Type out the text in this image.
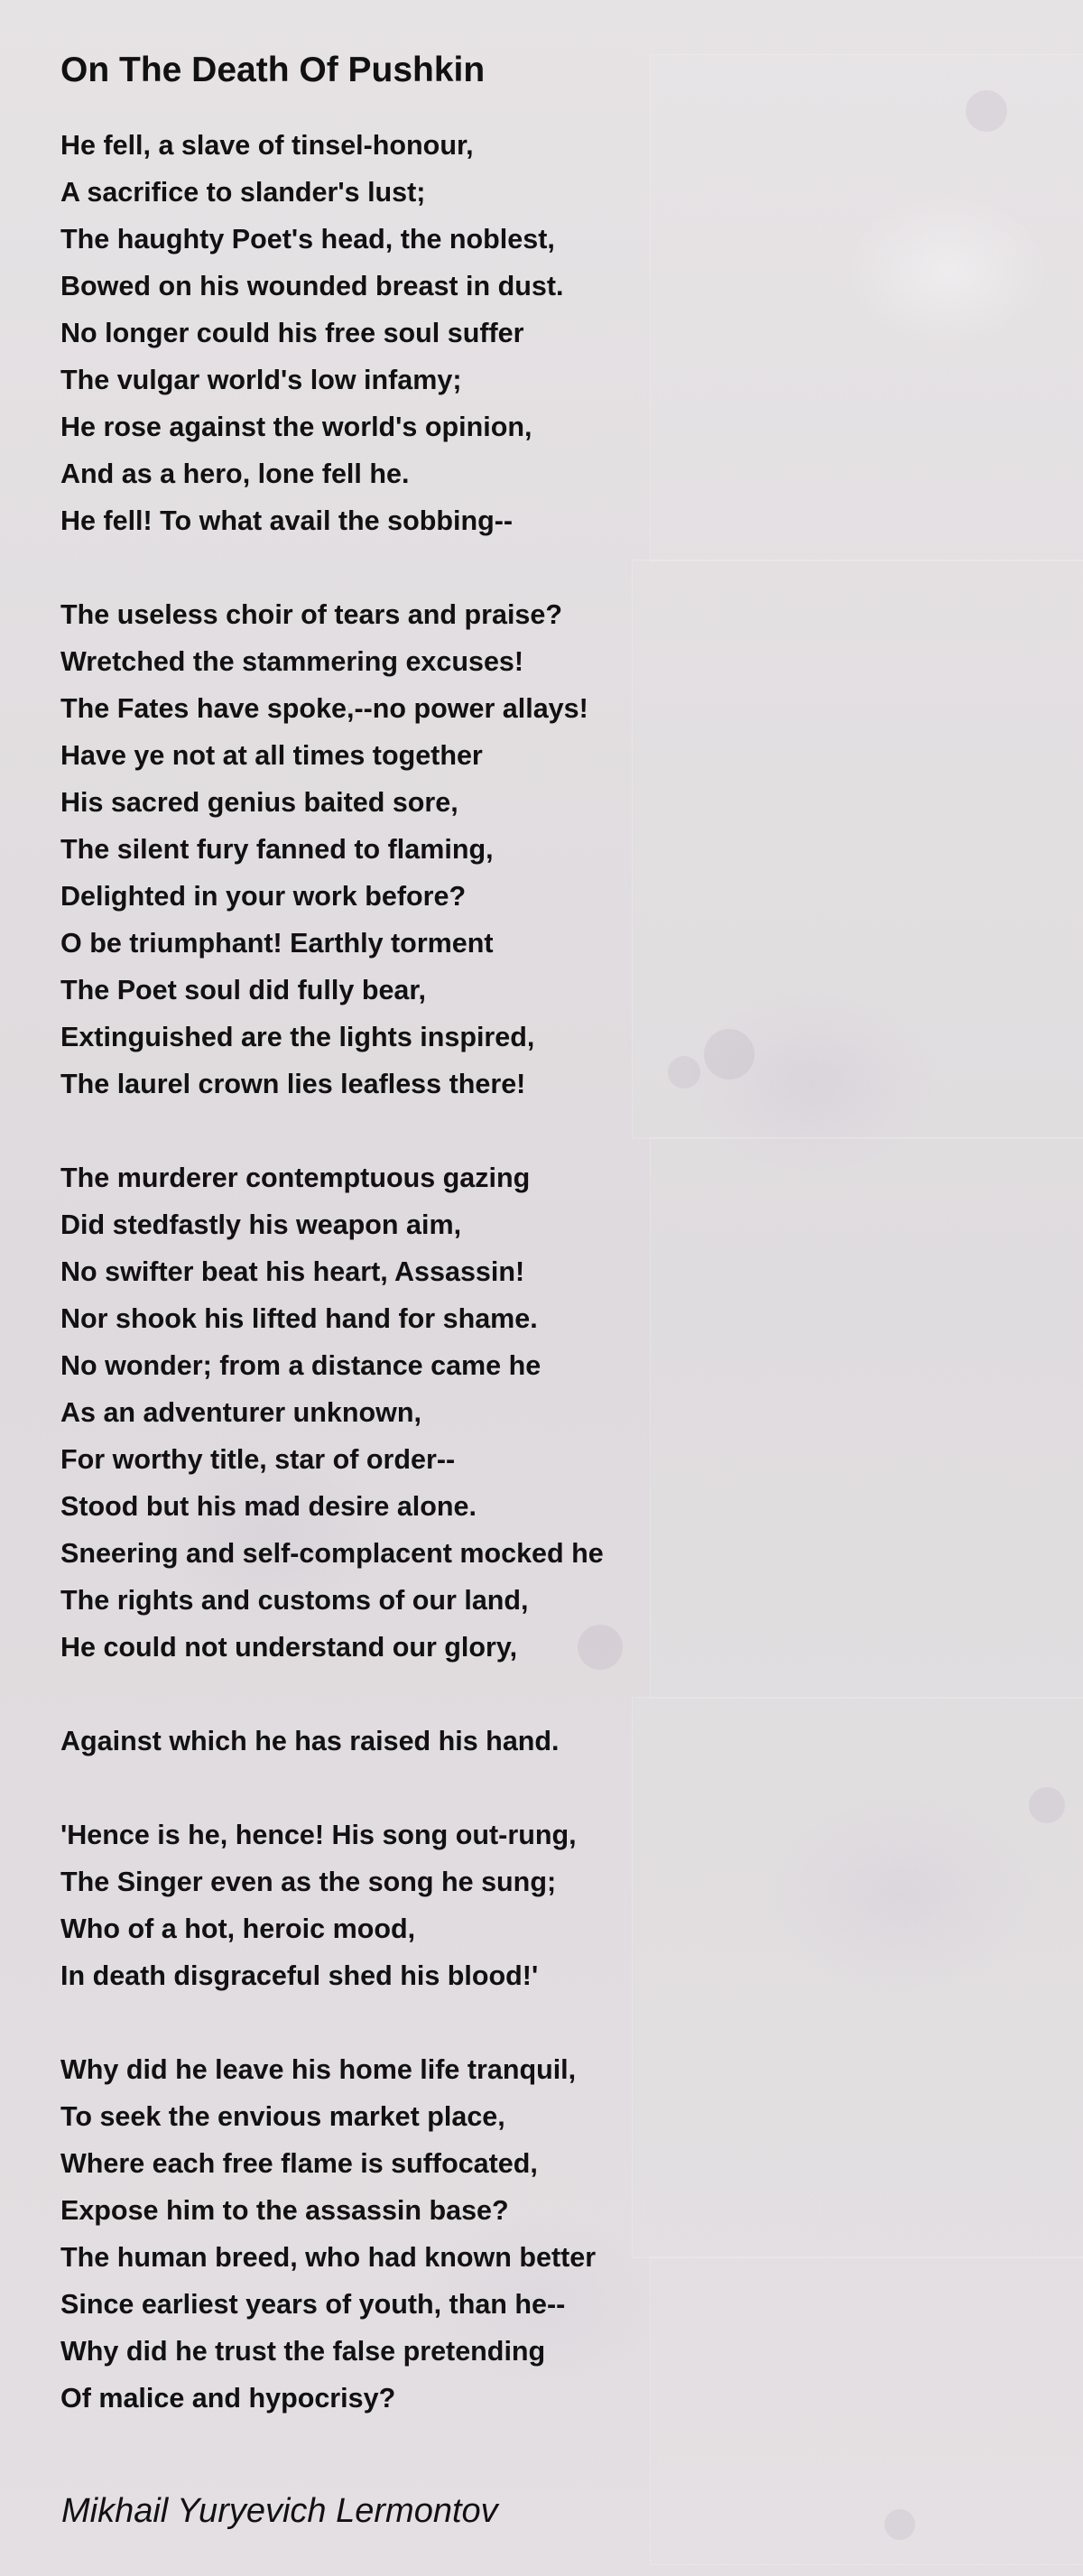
On The Death Of Pushkin
He fell, a slave of tinsel-honour,
A sacrifice to slander's lust;
The haughty Poet's head, the noblest,
Bowed on his wounded breast in dust.
No longer could his free soul suffer
The vulgar world's low infamy;
He rose against the world's opinion,
And as a hero, lone fell he.
He fell! To what avail the sobbing--
The useless choir of tears and praise?
Wretched the stammering excuses!
The Fates have spoke,--no power allays!
Have ye not at all times together
His sacred genius baited sore,
The silent fury fanned to flaming,
Delighted in your work before?
O be triumphant! Earthly torment
The Poet soul did fully bear,
Extinguished are the lights inspired,
The laurel crown lies leafless there!
The murderer contemptuous gazing
Did stedfastly his weapon aim,
No swifter beat his heart, Assassin!
Nor shook his lifted hand for shame.
No wonder; from a distance came he
As an adventurer unknown,
For worthy title, star of order--
Stood but his mad desire alone.
Sneering and self-complacent mocked he
The rights and customs of our land,
He could not understand our glory,
Against which he has raised his hand.
'Hence is he, hence! His song out-rung,
The Singer even as the song he sung;
Who of a hot, heroic mood,
In death disgraceful shed his blood!'
Why did he leave his home life tranquil,
To seek the envious market place,
Where each free flame is suffocated,
Expose him to the assassin base?
The human breed, who had known better
Since earliest years of youth, than he--
Why did he trust the false pretending
Of malice and hypocrisy?
Mikhail Yuryevich Lermontov
